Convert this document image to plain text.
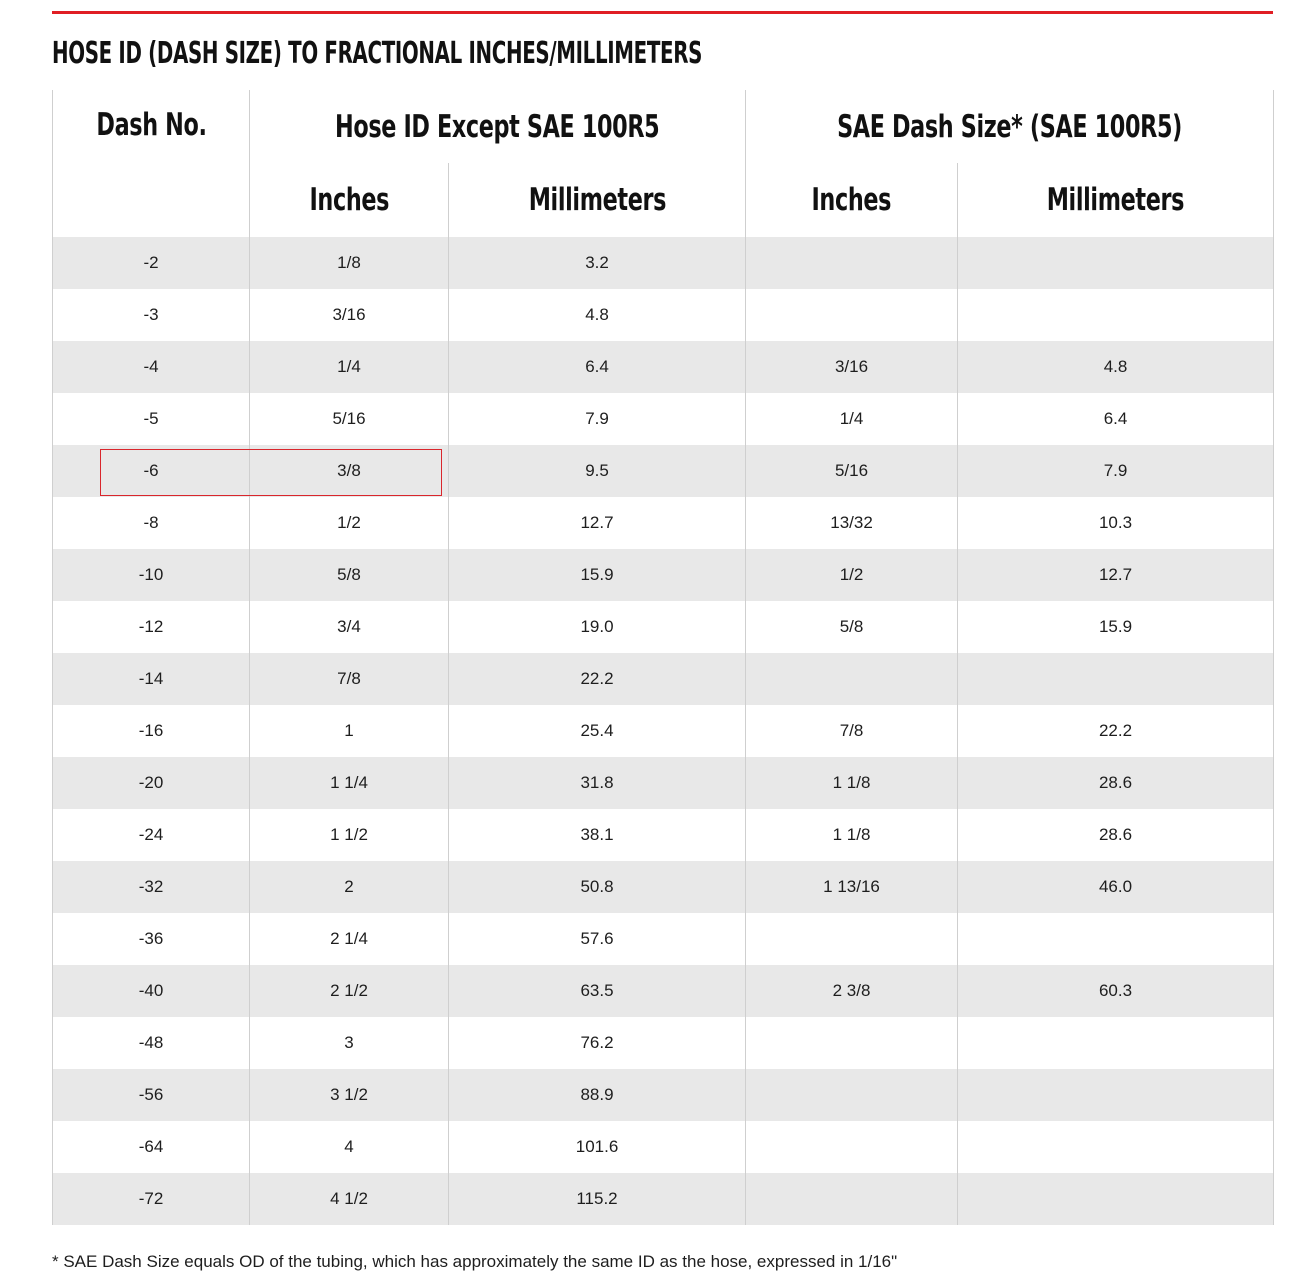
HOSE ID (DASH SIZE) TO FRACTIONAL INCHES/MILLIMETERS
Dash No.	Hose ID Except SAE 100R5		SAE Dash Size* (SAE 100R5)	
	Inches	Millimeters	Inches	Millimeters
-2	1/8	3.2		
-3	3/16	4.8		
-4	1/4	6.4	3/16	4.8
-5	5/16	7.9	1/4	6.4
-6	3/8	9.5	5/16	7.9
-8	1/2	12.7	13/32	10.3
-10	5/8	15.9	1/2	12.7
-12	3/4	19.0	5/8	15.9
-14	7/8	22.2		
-16	1	25.4	7/8	22.2
-20	1 1/4	31.8	1 1/8	28.6
-24	1 1/2	38.1	1 1/8	28.6
-32	2	50.8	1 13/16	46.0
-36	2 1/4	57.6		
-40	2 1/2	63.5	2 3/8	60.3
-48	3	76.2		
-56	3 1/2	88.9		
-64	4	101.6		
-72	4 1/2	115.2		
* SAE Dash Size equals OD of the tubing, which has approximately the same ID as the hose, expressed in 1/16"
